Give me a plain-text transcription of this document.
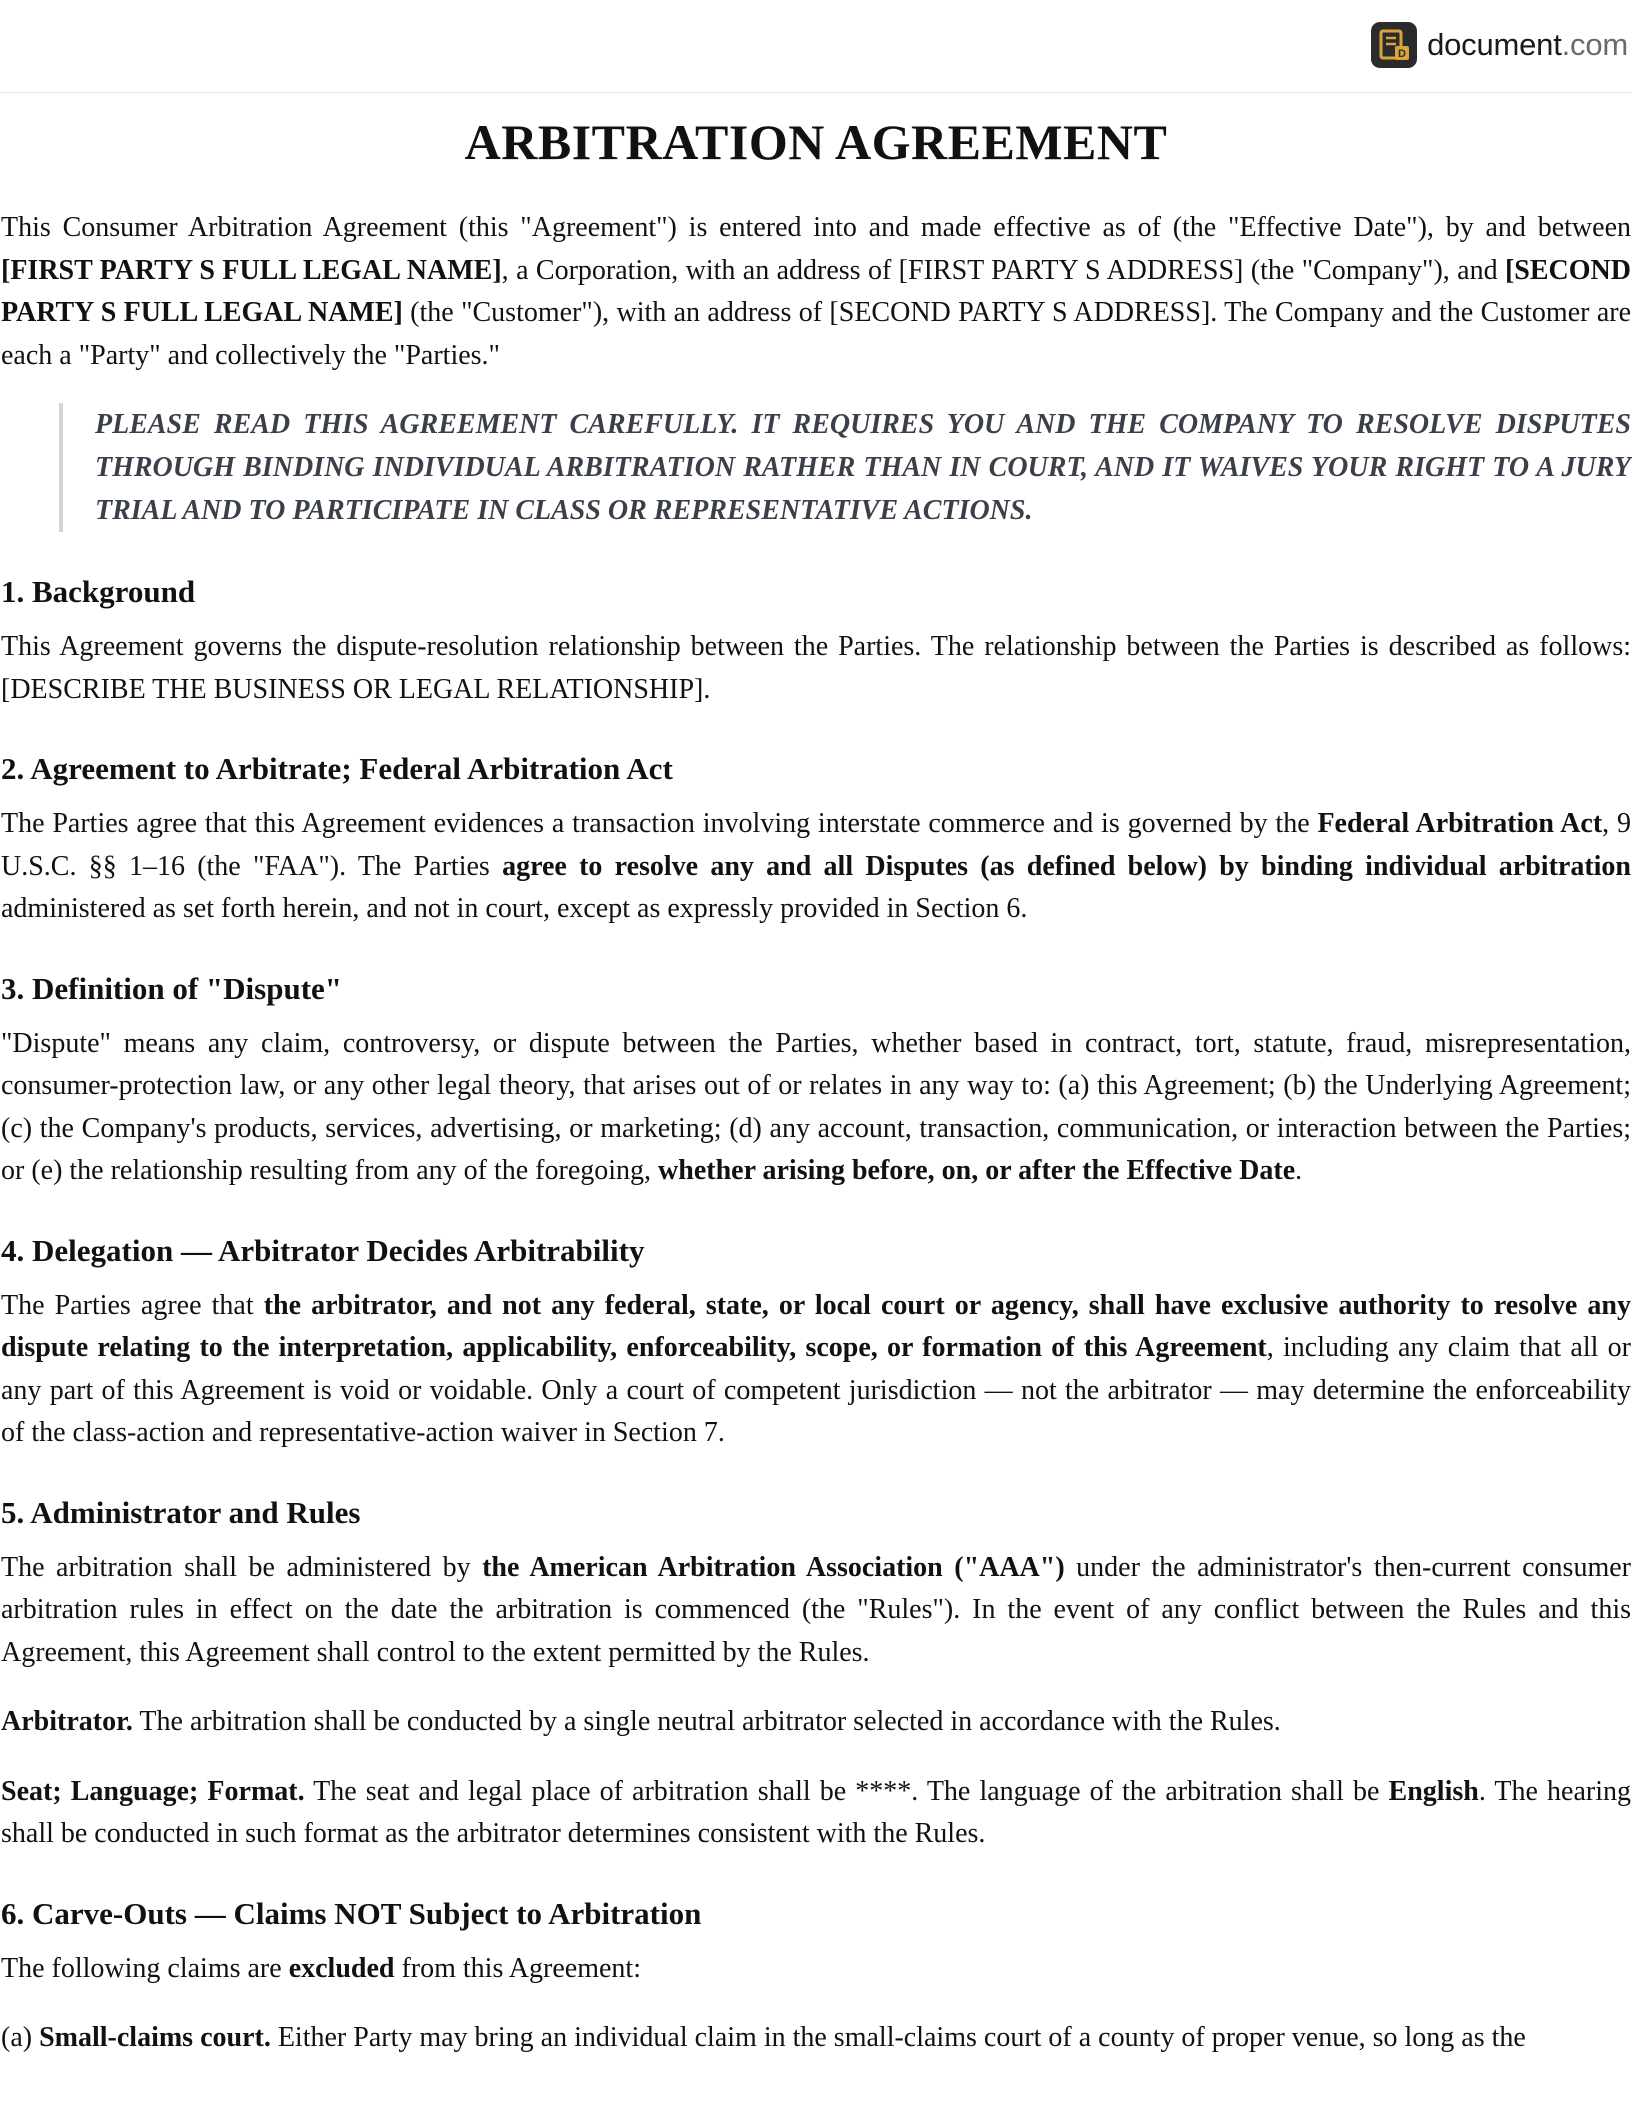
D document.com
ARBITRATION AGREEMENT

This Consumer Arbitration Agreement (this "Agreement") is entered into and made effective as of (the "Effective Date"), by and between [FIRST PARTY S FULL LEGAL NAME], a Corporation, with an address of [FIRST PARTY S ADDRESS] (the "Company"), and [SECOND PARTY S FULL LEGAL NAME] (the "Customer"), with an address of [SECOND PARTY S ADDRESS]. The Company and the Customer are each a "Party" and collectively the "Parties."

PLEASE READ THIS AGREEMENT CAREFULLY. IT REQUIRES YOU AND THE COMPANY TO RESOLVE DISPUTES THROUGH BINDING INDIVIDUAL ARBITRATION RATHER THAN IN COURT, AND IT WAIVES YOUR RIGHT TO A JURY TRIAL AND TO PARTICIPATE IN CLASS OR REPRESENTATIVE ACTIONS.

1. Background

This Agreement governs the dispute-resolution relationship between the Parties. The relationship between the Parties is described as follows: [DESCRIBE THE BUSINESS OR LEGAL RELATIONSHIP].

2. Agreement to Arbitrate; Federal Arbitration Act

The Parties agree that this Agreement evidences a transaction involving interstate commerce and is governed by the Federal Arbitration Act, 9 U.S.C. §§ 1–16 (the "FAA"). The Parties agree to resolve any and all Disputes (as defined below) by binding individual arbitration administered as set forth herein, and not in court, except as expressly provided in Section 6.

3. Definition of "Dispute"

"Dispute" means any claim, controversy, or dispute between the Parties, whether based in contract, tort, statute, fraud, misrepresentation, consumer-protection law, or any other legal theory, that arises out of or relates in any way to: (a) this Agreement; (b) the Underlying Agreement; (c) the Company's products, services, advertising, or marketing; (d) any account, transaction, communication, or interaction between the Parties; or (e) the relationship resulting from any of the foregoing, whether arising before, on, or after the Effective Date.

4. Delegation — Arbitrator Decides Arbitrability

The Parties agree that the arbitrator, and not any federal, state, or local court or agency, shall have exclusive authority to resolve any dispute relating to the interpretation, applicability, enforceability, scope, or formation of this Agreement, including any claim that all or any part of this Agreement is void or voidable. Only a court of competent jurisdiction — not the arbitrator — may determine the enforceability of the class-action and representative-action waiver in Section 7.

5. Administrator and Rules

The arbitration shall be administered by the American Arbitration Association ("AAA") under the administrator's then-current consumer arbitration rules in effect on the date the arbitration is commenced (the "Rules"). In the event of any conflict between the Rules and this Agreement, this Agreement shall control to the extent permitted by the Rules.

Arbitrator. The arbitration shall be conducted by a single neutral arbitrator selected in accordance with the Rules.

Seat; Language; Format. The seat and legal place of arbitration shall be ****. The language of the arbitration shall be English. The hearing shall be conducted in such format as the arbitrator determines consistent with the Rules.

6. Carve-Outs — Claims NOT Subject to Arbitration

The following claims are excluded from this Agreement:

(a) Small-claims court. Either Party may bring an individual claim in the small-claims court of a county of proper venue, so long as the
